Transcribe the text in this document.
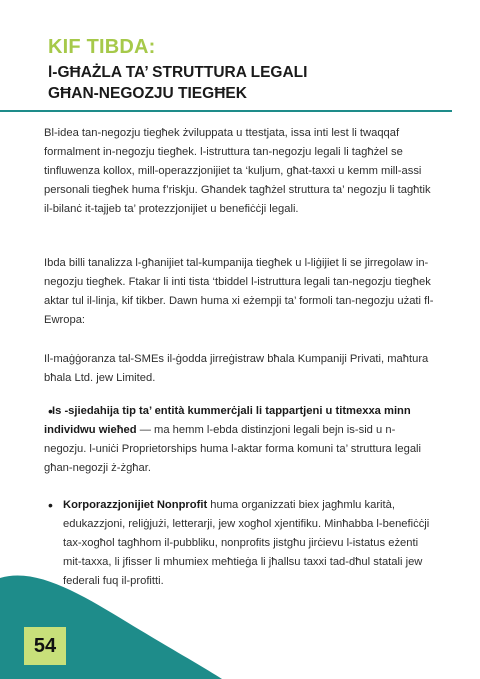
KIF TIBDA:
l-GĦAŻLA TA’ STRUTTURA LEGALI
GĦAN-NEGOZJU TIEGĦEK

Bl-idea tan-negozju tiegħek żviluppata u ttestjata, issa inti lest li twaqqaf formalment in-negozju tiegħek. l-istruttura tan-negozju legali li tagħżel se tinfluwenza kollox, mill-operazzjonijiet ta ‘kuljum, għat-taxxi u kemm mill-assi personali tiegħek huma f’riskju. Għandek tagħżel struttura ta’ negozju li tagħtik il-bilanċ it-tajjeb ta’ protezzjonijiet u benefiċċji legali.

Ibda billi tanalizza l-għanijiet tal-kumpanija tiegħek u l-liġijiet li se jirregolaw in-negozju tiegħek. Ftakar li inti tista ‘tbiddel l-istruttura legali tan-negozju tiegħek aktar tul il-linja, kif tikber. Dawn huma xi eżempji ta’ formoli tan-negozju użati fl-Ewropa:

Il-maġġoranza tal-SMEs il-ġodda jirreġistraw bħala Kumpaniji Privati, maħtura bħala Ltd. jew Limited.

• Is -sjiedahija tip ta’ entità kummerċjali li tappartjeni u titmexxa minn individwu wieħed — ma hemm l-ebda distinzjoni legali bejn is-sid u n-negozju. l-uniċi Proprietorships huma l-aktar forma komuni ta’ struttura legali għan-negozji ż-żgħar.

• Korporazzjonijiet Nonprofit huma organizzati biex jagħmlu karità, edukazzjoni, reliġjużi, letterarji, jew xogħol xjentifiku. Minħabba l-benefiċċji tax-xogħol tagħhom il-pubbliku, nonprofits jistgħu jirċievu l-istatus eżenti mit-taxxa, li jfisser li mhumiex meħtieġa li jħallsu taxxi tad-dħul statali jew federali fuq il-profitti.

54
